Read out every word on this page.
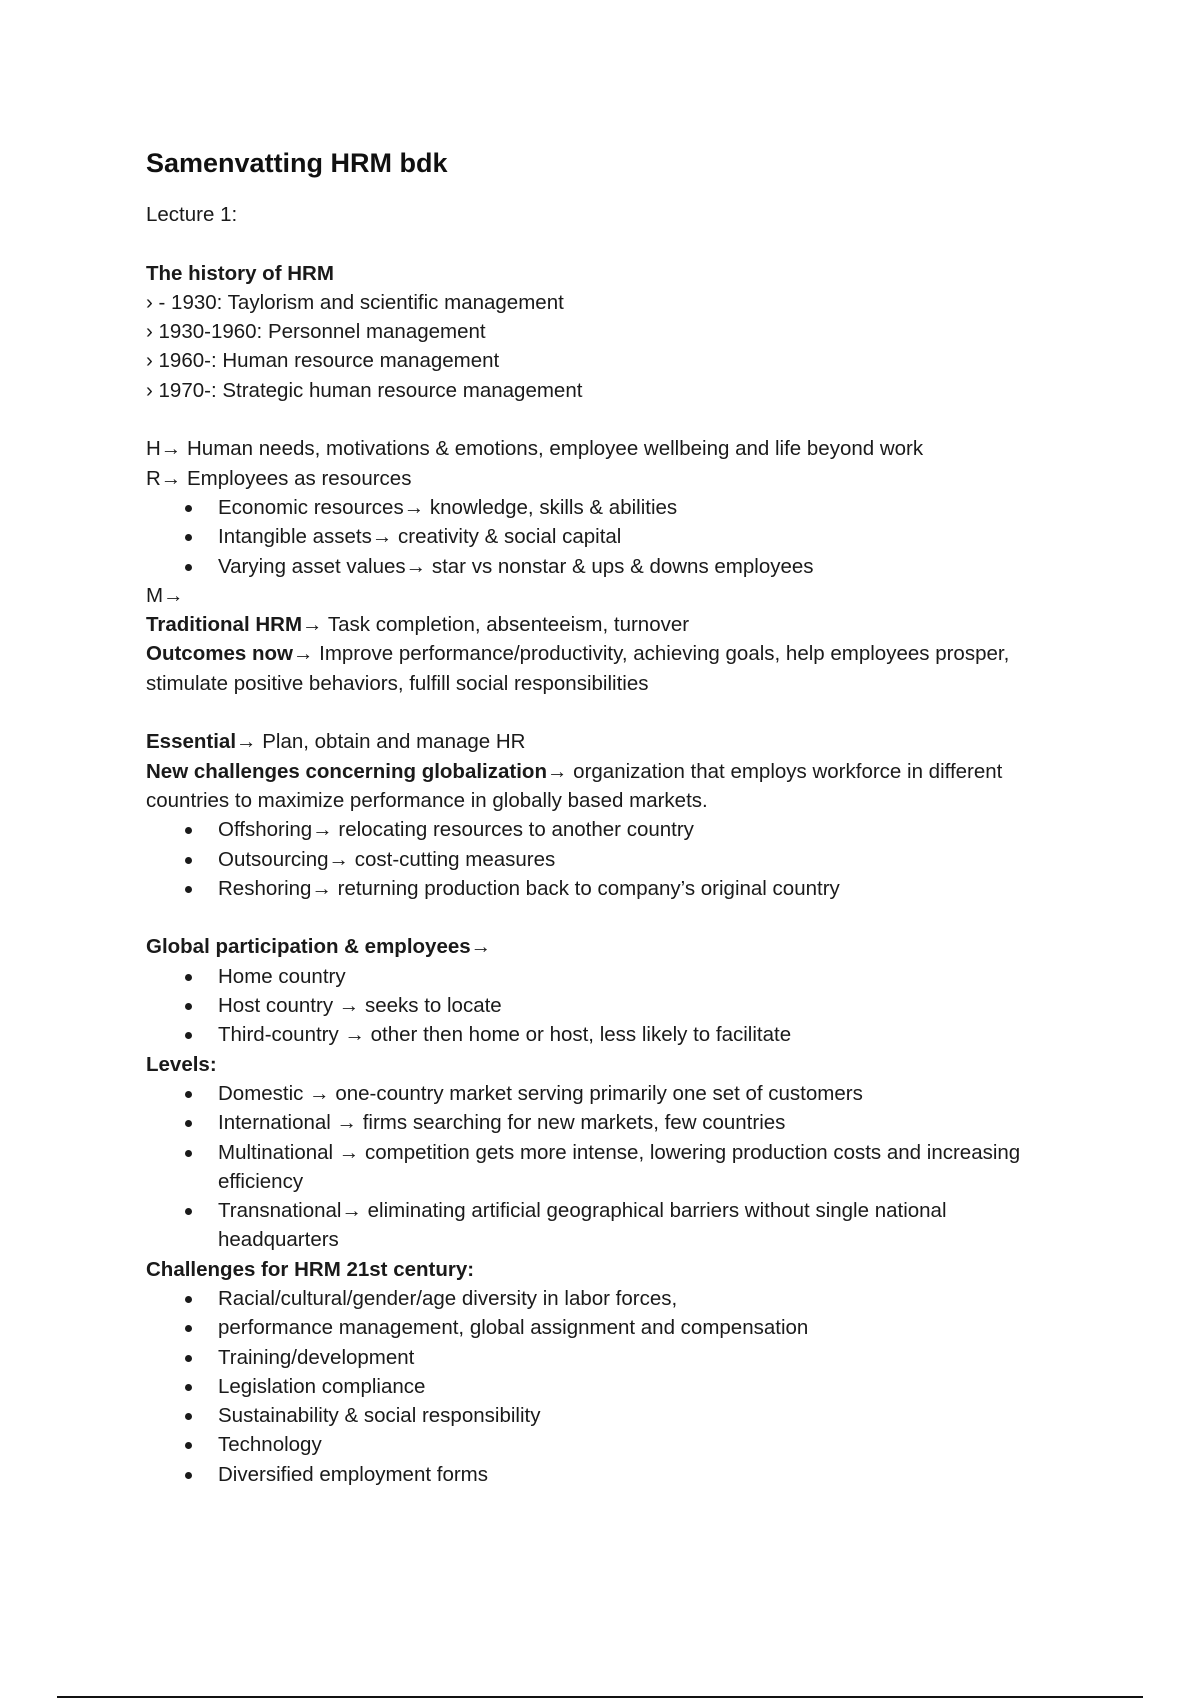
Samenvatting HRM bdk

Lecture 1:

The history of HRM

› - 1930: Taylorism and scientific management

› 1930-1960: Personnel management

› 1960-: Human resource management

› 1970-: Strategic human resource management

H→ Human needs, motivations & emotions, employee wellbeing and life beyond work

R→ Employees as resources

Economic resources→ knowledge, skills & abilities
Intangible assets→ creativity & social capital
Varying asset values→ star vs nonstar & ups & downs employees

M→

Traditional HRM→ Task completion, absenteeism, turnover

Outcomes now→ Improve performance/productivity, achieving goals, help employees prosper, stimulate positive behaviors, fulfill social responsibilities

Essential→ Plan, obtain and manage HR

New challenges concerning globalization→ organization that employs workforce in different countries to maximize performance in globally based markets.

Offshoring→ relocating resources to another country
Outsourcing→ cost-cutting measures
Reshoring→ returning production back to company’s original country

Global participation & employees→

Home country
Host country → seeks to locate
Third-country → other then home or host, less likely to facilitate

Levels:

Domestic → one-country market serving primarily one set of customers
International → firms searching for new markets, few countries
Multinational → competition gets more intense, lowering production costs and increasing efficiency
Transnational→ eliminating artificial geographical barriers without single national headquarters

Challenges for HRM 21st century:

Racial/cultural/gender/age diversity in labor forces,
performance management, global assignment and compensation
Training/development
Legislation compliance
Sustainability & social responsibility
Technology
Diversified employment forms
